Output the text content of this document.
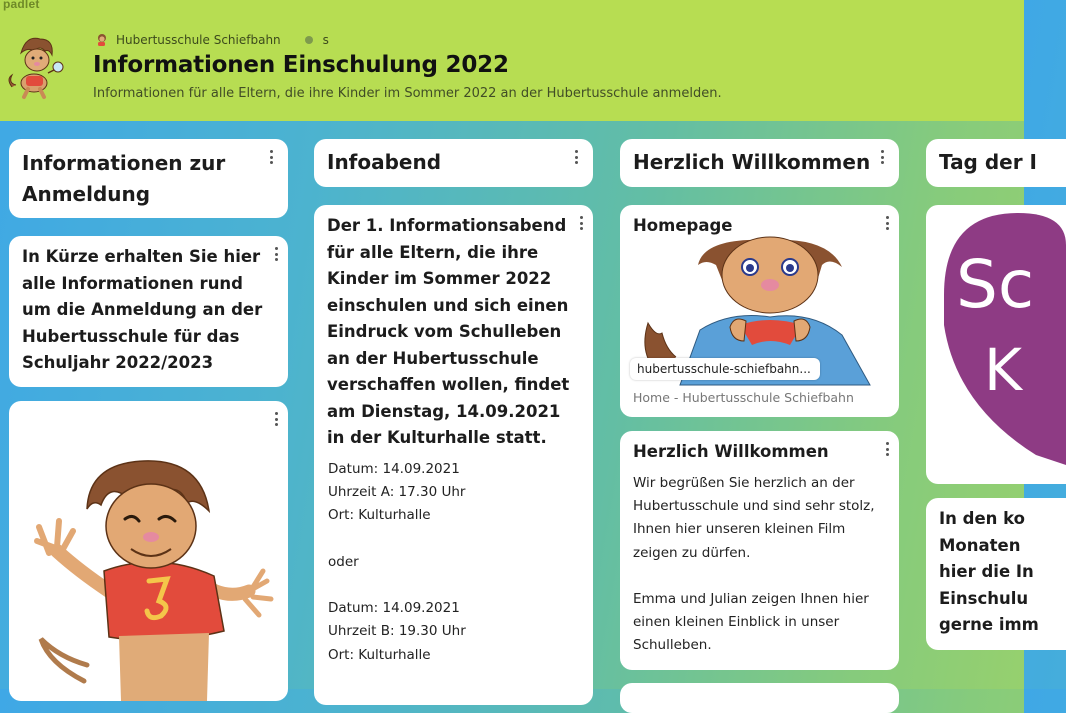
padlet
Hubertusschule Schiefbahn	s
Informationen Einschulung 2022
Informationen für alle Eltern, die ihre Kinder im Sommer 2022 an der Hubertusschule anmelden.
Informationen zur Anmeldung
In Kürze erhalten Sie hier alle Informationen rund um die Anmeldung an der Hubertusschule für das Schuljahr 2022/2023
Infoabend
Der 1. Informationsabend für alle Eltern, die ihre Kinder im Sommer 2022 einschulen und sich einen Eindruck vom Schulleben an der Hubertusschule verschaffen wollen, findet am Dienstag, 14.09.2021 in der Kulturhalle statt.
Datum: 14.09.2021
Uhrzeit A: 17.30 Uhr
Ort: Kulturhalle

oder

Datum: 14.09.2021
Uhrzeit B: 19.30 Uhr
Ort: Kulturhalle
Herzlich Willkommen
Homepage
hubertusschule-schiefbahn...
Home - Hubertusschule Schiefbahn
Herzlich Willkommen
Wir begrüßen Sie herzlich an der Hubertusschule und sind sehr stolz, Ihnen hier unseren kleinen Film zeigen zu dürfen.

Emma und Julian zeigen Ihnen hier einen kleinen Einblick in unser Schulleben.
Tag der I
Sc
K
In den ko
Monaten
hier die In
Einschulu
gerne imm
